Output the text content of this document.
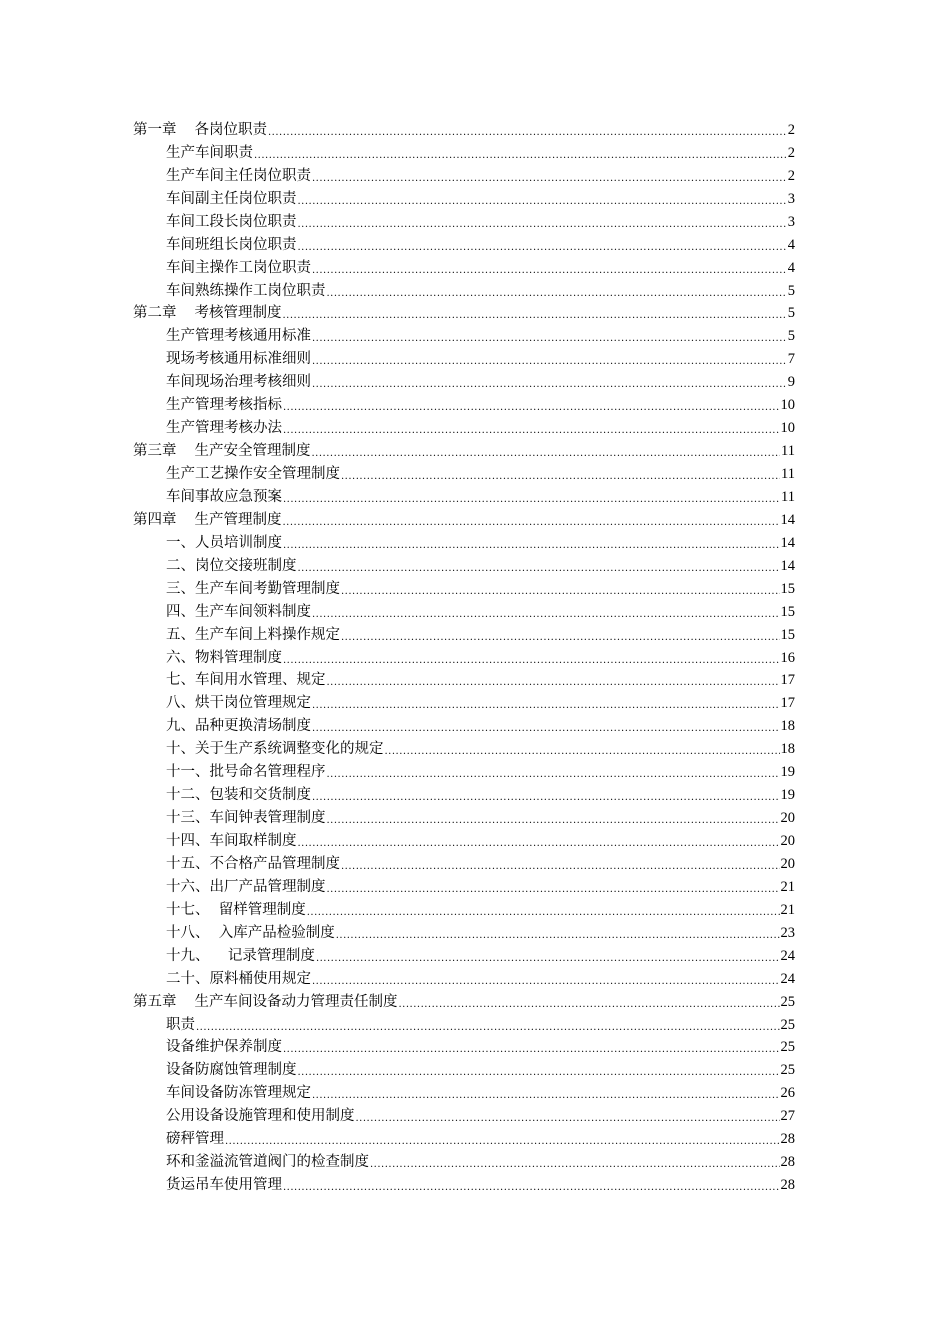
第一章 各岗位职责 .....	2
生产车间职责 .....	2
生产车间主任岗位职责 .....	2
车间副主任岗位职责 .....	3
车间工段长岗位职责 .....	3
车间班组长岗位职责 .....	4
车间主操作工岗位职责 .....	4
车间熟练操作工岗位职责 .....	5
第二章 考核管理制度 .....	5
生产管理考核通用标准 .....	5
现场考核通用标准细则 .....	7
车间现场治理考核细则 .....	9
生产管理考核指标 .....	10
生产管理考核办法 .....	10
第三章 生产安全管理制度 .....	11
生产工艺操作安全管理制度 .....	11
车间事故应急预案 .....	11
第四章 生产管理制度 .....	14
一、人员培训制度 .....	14
二、岗位交接班制度 .....	14
三、生产车间考勤管理制度 .....	15
四、生产车间领料制度 .....	15
五、生产车间上料操作规定 .....	15
六、物料管理制度 .....	16
七、车间用水管理、规定 .....	17
八、烘干岗位管理规定 .....	17
九、品种更换清场制度 .....	18
十、关于生产系统调整变化的规定 .....	18
十一、批号命名管理程序 .....	19
十二、包装和交货制度 .....	19
十三、车间钟表管理制度 .....	20
十四、车间取样制度 .....	20
十五、不合格产品管理制度 .....	20
十六、出厂产品管理制度 .....	21
十七、  留样管理制度 .....	21
十八、  入库产品检验制度 .....	23
十九、    记录管理制度 .....	24
二十、原料桶使用规定 .....	24
第五章 生产车间设备动力管理责任制度 .....	25
职责 .....	25
设备维护保养制度 .....	25
设备防腐蚀管理制度 .....	25
车间设备防冻管理规定 .....	26
公用设备设施管理和使用制度 .....	27
磅秤管理 .....	28
环和釜溢流管道阀门的检查制度 .....	28
货运吊车使用管理 .....	28
